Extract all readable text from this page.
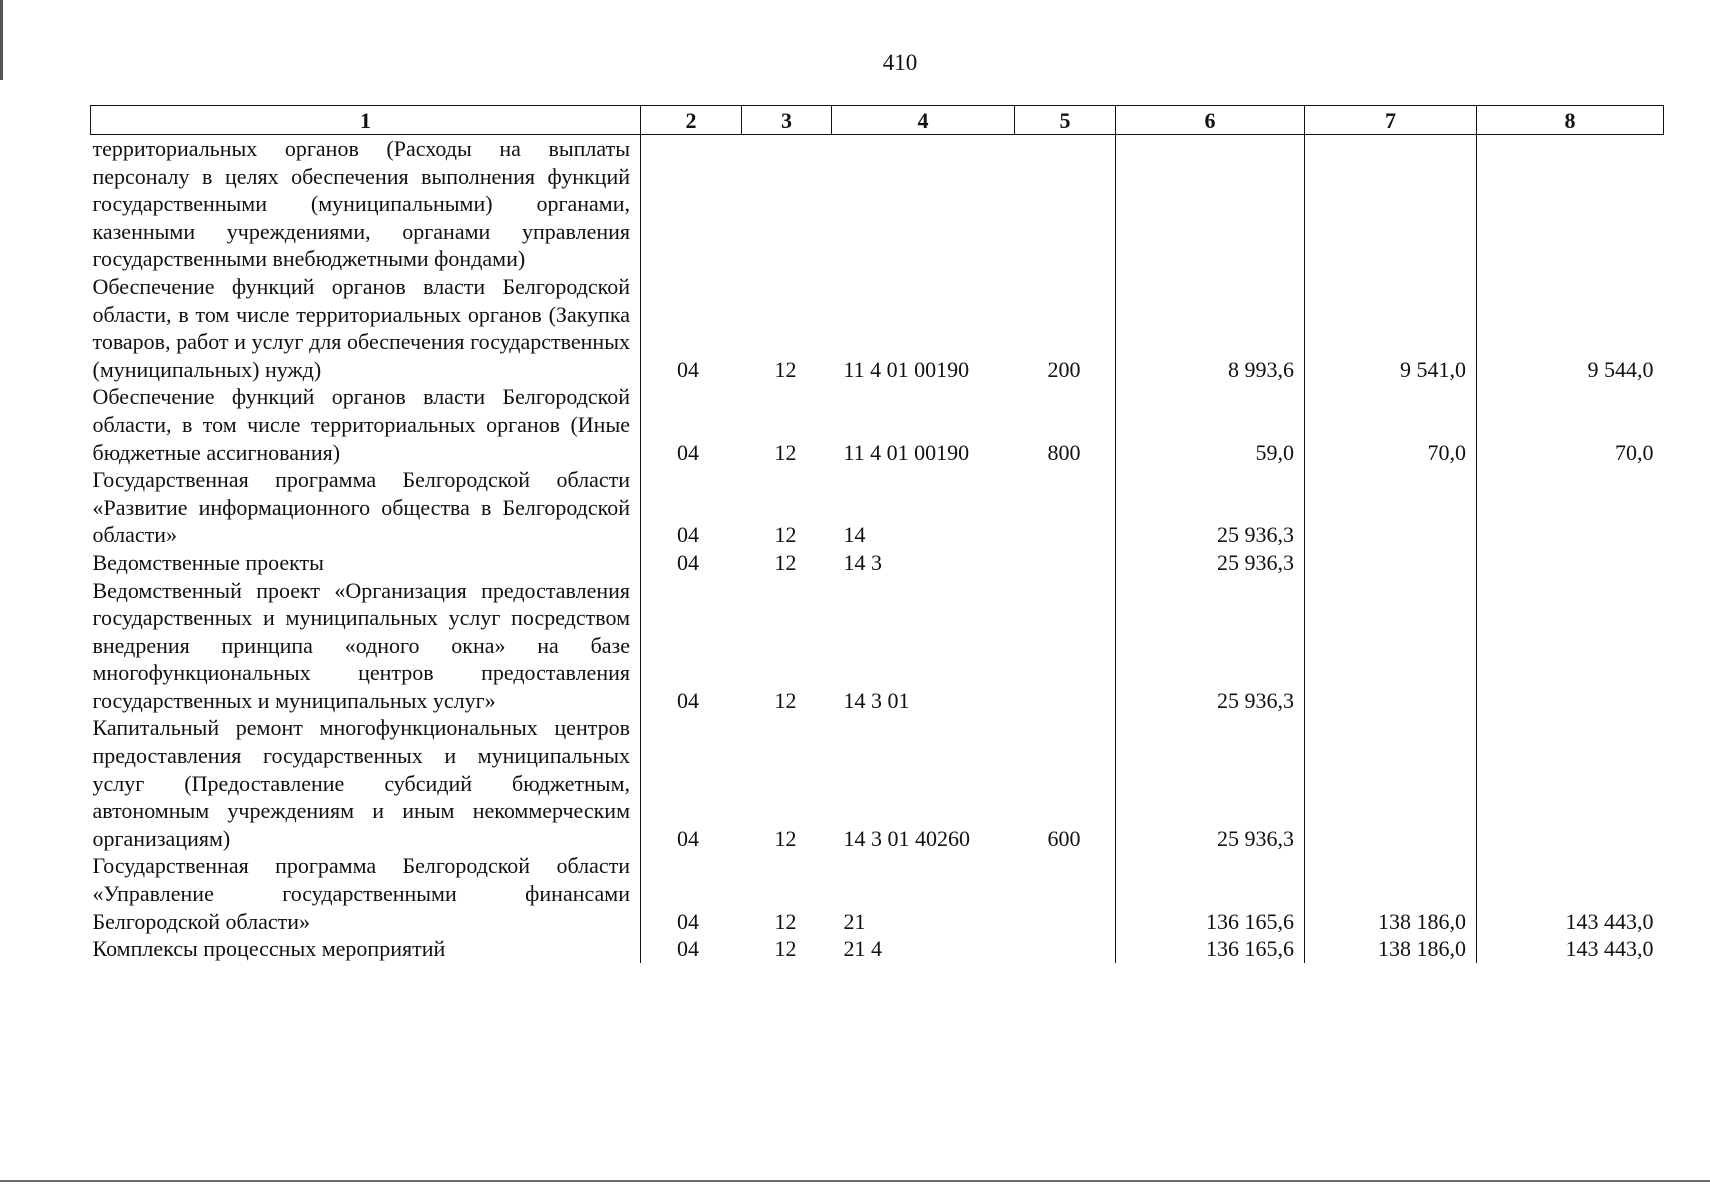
410
1	2	3	4	5	6	7	8
территориальных органов (Расходы на выплаты персоналу в целях обеспечения выполнения функций государственными (муниципальными) органами, казенными учреждениями, органами управления государственными внебюджетными фондами)							
Обеспечение функций органов власти Белгородской области, в том числе территориальных органов (Закупка товаров, работ и услуг для обеспечения государственных (муниципальных) нужд)	04	12	11 4 01 00190	200	8 993,6	9 541,0	9 544,0
Обеспечение функций органов власти Белгородской области, в том числе территориальных органов (Иные бюджетные ассигнования)	04	12	11 4 01 00190	800	59,0	70,0	70,0
Государственная программа Белгородской области «Развитие информационного общества в Белгородской области»	04	12	14		25 936,3		
Ведомственные проекты	04	12	14 3		25 936,3		
Ведомственный проект «Организация предоставления государственных и муниципальных услуг посредством внедрения принципа «одного окна» на базе многофункциональных центров предоставления государственных и муниципальных услуг»	04	12	14 3 01		25 936,3		
Капитальный ремонт многофункциональных центров предоставления государственных и муниципальных услуг (Предоставление субсидий бюджетным, автономным учреждениям и иным некоммерческим организациям)	04	12	14 3 01 40260	600	25 936,3		
Государственная программа Белгородской области «Управление государственными финансами Белгородской области»	04	12	21		136 165,6	138 186,0	143 443,0
Комплексы процессных мероприятий	04	12	21 4		136 165,6	138 186,0	143 443,0
